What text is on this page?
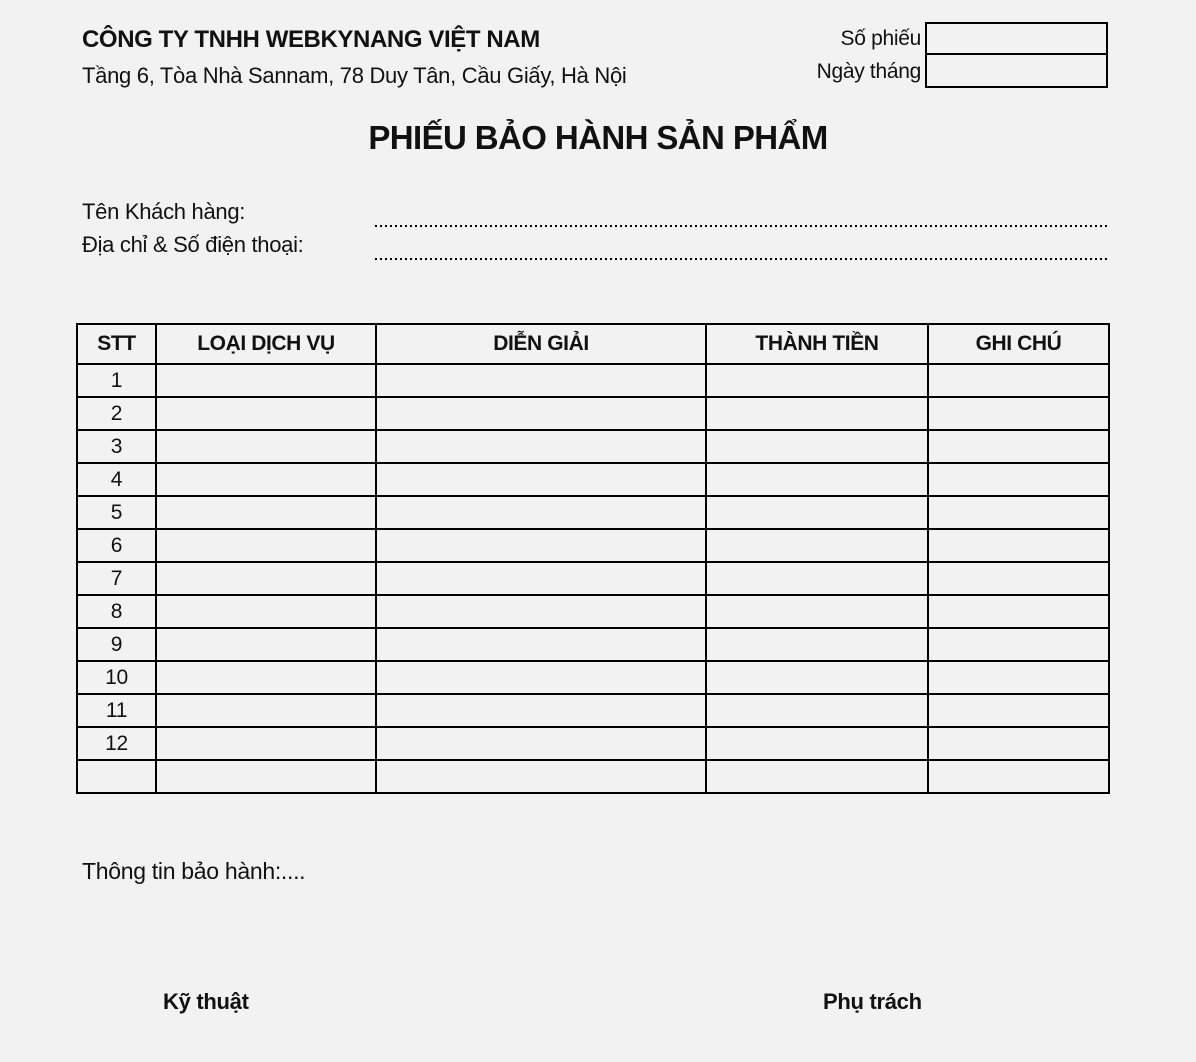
CÔNG TY TNHH WEBKYNANG VIỆT NAM
Tầng 6, Tòa Nhà Sannam, 78 Duy Tân, Cầu Giấy, Hà Nội
Số phiếu
Ngày tháng
PHIẾU BẢO HÀNH SẢN PHẨM
Tên Khách hàng:
Địa chỉ & Số điện thoại:
STT	LOẠI DỊCH VỤ	DIỄN GIẢI	THÀNH TIỀN	GHI CHÚ
1				
2				
3				
4				
5				
6				
7				
8				
9				
10				
11				
12				

Thông tin bảo hành:....
Kỹ thuật	Phụ trách
